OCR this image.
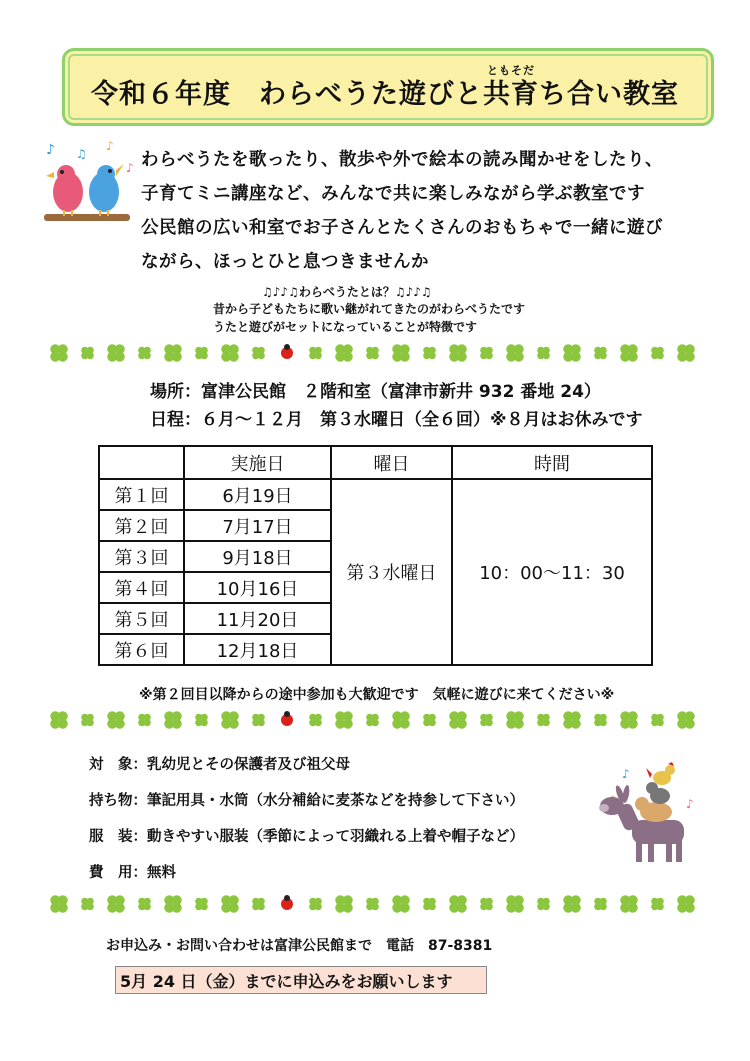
ともそだ
令和６年度　わらべうた遊びと共育ち合い教室
♪	♪
♪
♫	わらべうたを歌ったり、散歩や外で絵本の読み聞かせをしたり、
子育てミニ講座など、みんなで共に楽しみながら学ぶ教室です
公民館の広い和室でお子さんとたくさんのおもちゃで一緒に遊び
ながら、ほっとひと息つきませんか
♫♪♪♫わらべうたとは？♫♪♪♫
昔から子どもたちに歌い継がれてきたのがわらべうたです
うたと遊びがセットになっていることが特徴です
場所：富津公民館　２階和室（富津市新井 932 番地 24）
日程：６月～１２月　第３水曜日（全６回）※８月はお休みです
	実施日	曜日	時間
第１回	6月19日	第３水曜日	10：00～11：30
第２回	7月17日		
第３回	9月18日		
第４回	10月16日		
第５回	11月20日		
第６回	12月18日		
※第２回目以降からの途中参加も大歓迎です　気軽に遊びに来てください※
対　象：乳幼児とその保護者及び祖父母
持ち物：筆記用具・水筒（水分補給に麦茶などを持参して下さい）
服　装：動きやすい服装（季節によって羽織れる上着や帽子など）
費　用：無料
♪
♪
お申込み・お問い合わせは富津公民館まで　電話　87-8381
5月 24 日（金）までに申込みをお願いします
